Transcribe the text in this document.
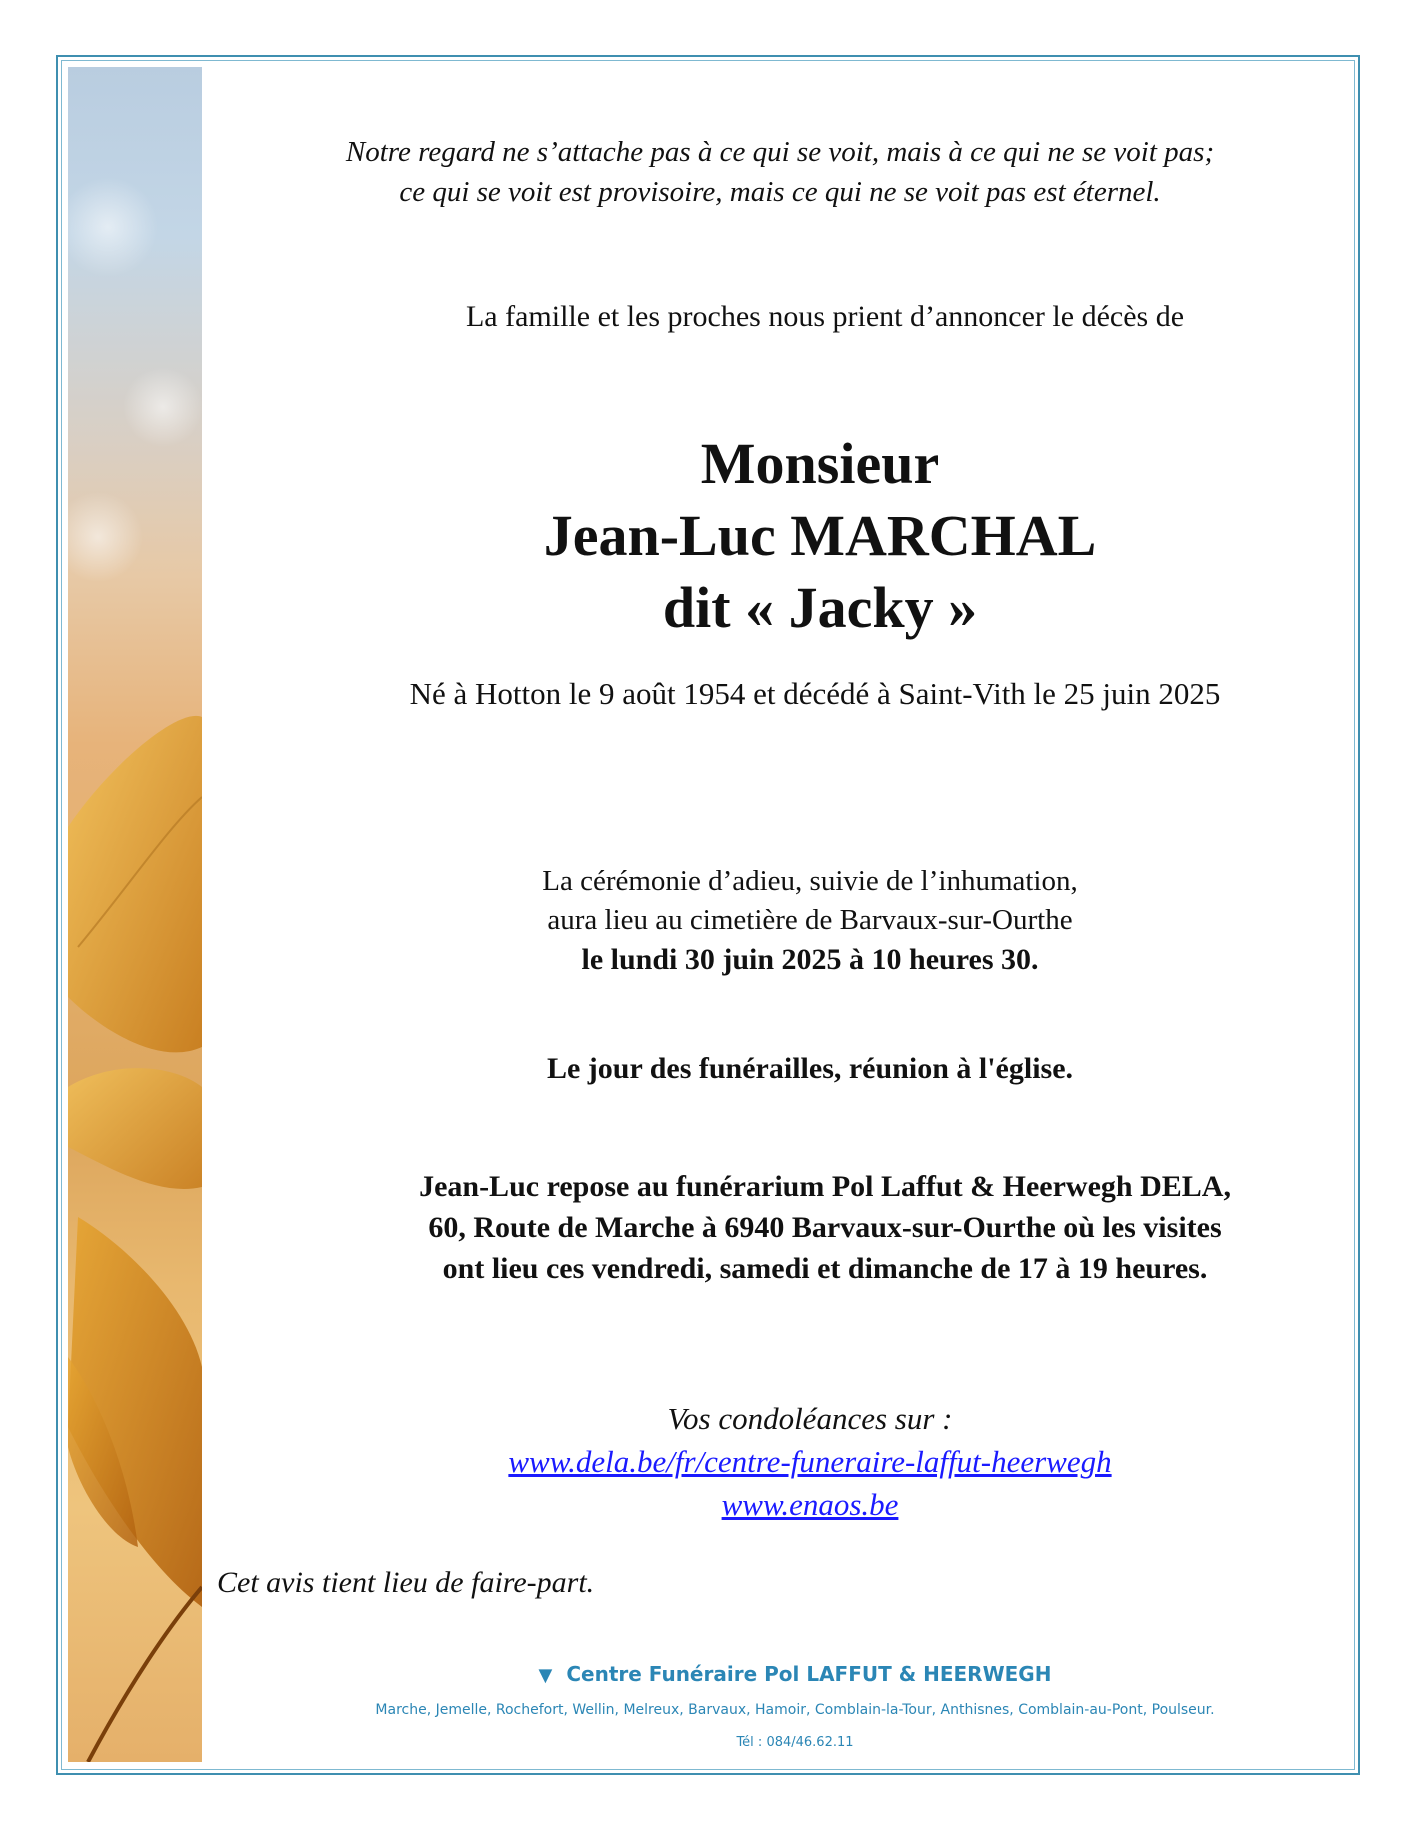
Notre regard ne s’attache pas à ce qui se voit, mais à ce qui ne se voit pas;
ce qui se voit est provisoire, mais ce qui ne se voit pas est éternel.
La famille et les proches nous prient d’annoncer le décès de
Monsieur
Jean-Luc MARCHAL
dit « Jacky »
Né à Hotton le 9 août 1954 et décédé à Saint-Vith le 25 juin 2025
La cérémonie d’adieu, suivie de l’inhumation,
aura lieu au cimetière de Barvaux-sur-Ourthe
le lundi 30 juin 2025 à 10 heures 30.
Le jour des funérailles, réunion à l'église.
Jean-Luc repose au funérarium Pol Laffut & Heerwegh DELA,
60, Route de Marche à 6940 Barvaux-sur-Ourthe où les visites
ont lieu ces vendredi, samedi et dimanche de 17 à 19 heures.
Vos condoléances sur :
www.dela.be/fr/centre-funeraire-laffut-heerwegh
www.enaos.be
Cet avis tient lieu de faire-part.
▼ Centre Funéraire Pol LAFFUT & HEERWEGH
Marche, Jemelle, Rochefort, Wellin, Melreux, Barvaux, Hamoir, Comblain-la-Tour, Anthisnes, Comblain-au-Pont, Poulseur.
Tél : 084/46.62.11
